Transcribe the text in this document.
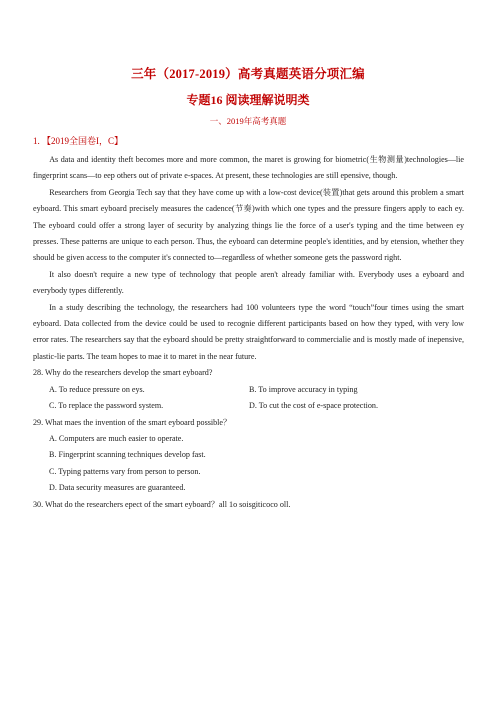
三年（2017-2019）高考真题英语分项汇编
专题16 阅读理解说明类
一、2019年高考真题
1. 【2019全国卷I，C】

As data and identity theft becomes more and more common, the maret is growing for biometric(生物测量)technologies—lie fingerprint scans—to eep others out of private e-spaces. At present, these technologies are still epensive, though.

Researchers from Georgia Tech say that they have come up with a low-cost device(装置)that gets around this problem a smart eyboard. This smart eyboard precisely measures the cadence(节奏)with which one types and the pressure fingers apply to each ey. The eyboard could offer a strong layer of security by analyzing things lie the force of a user's typing and the time between ey presses. These patterns are unique to each person. Thus, the eyboard can determine people's identities, and by etension, whether they should be given access to the computer it's connected to—regardless of whether someone gets the password right.

It also doesn't require a new type of technology that people aren't already familiar with. Everybody uses a eyboard and everybody types differently.

In a study describing the technology, the researchers had 100 volunteers type the word “touch”four times using the smart eyboard. Data collected from the device could be used to recognie different participants based on how they typed, with very low error rates. The researchers say that the eyboard should be pretty straightforward to commercialie and is mostly made of inepensive, plastic-lie parts. The team hopes to mae it to maret in the near future.

28. Why do the researchers develop the smart eyboard?
A. To reduce pressure on eys.	B. To improve accuracy in typing
C. To replace the password system.	D. To cut the cost of e-space protection.
29. What maes the invention of the smart eyboard possible？
A. Computers are much easier to operate.
B. Fingerprint scanning techniques develop fast.
C. Typing patterns vary from person to person.
D. Data security measures are guaranteed.
30. What do the researchers epect of the smart eyboard？all 1o soisgiticoco oll.
